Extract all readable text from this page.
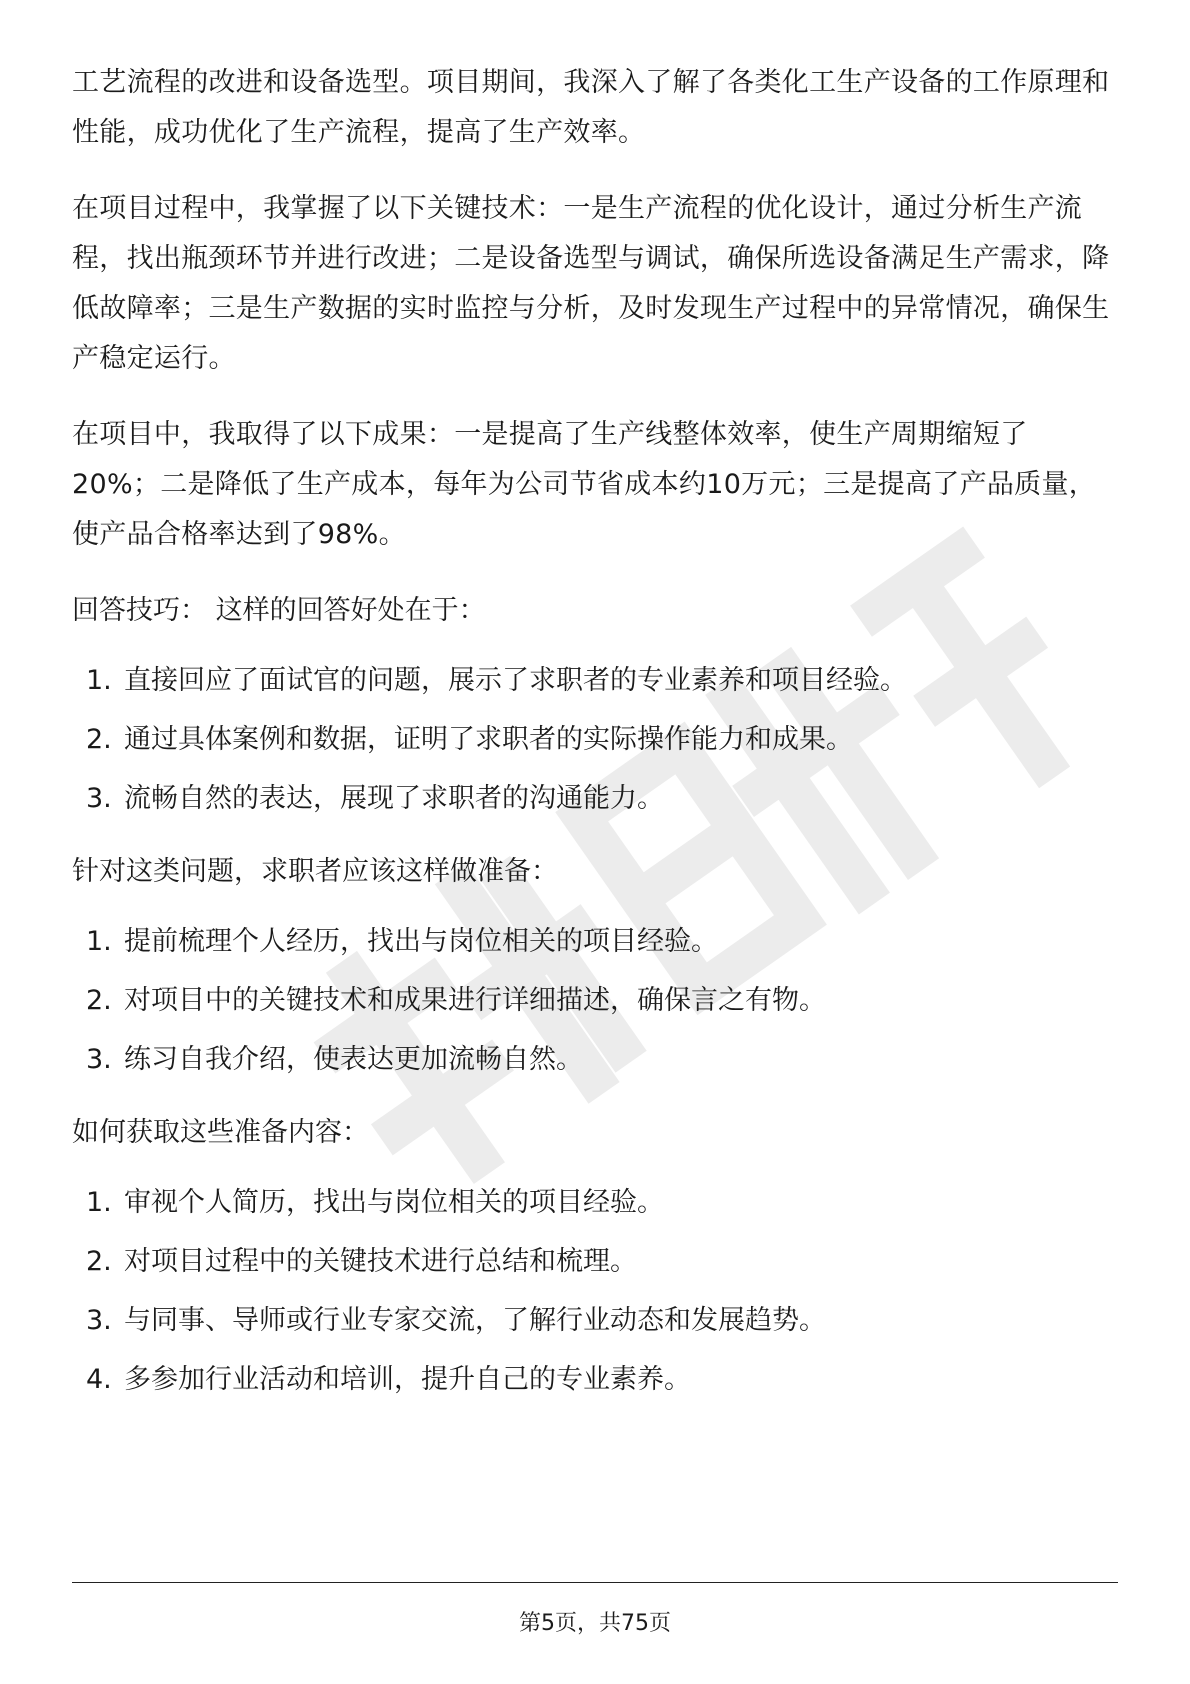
工艺流程的改进和设备选型。项目期间，我深入了解了各类化工生产设备的工作原理和性能，成功优化了生产流程，提高了生产效率。

在项目过程中，我掌握了以下关键技术：一是生产流程的优化设计，通过分析生产流程，找出瓶颈环节并进行改进；二是设备选型与调试，确保所选设备满足生产需求，降低故障率；三是生产数据的实时监控与分析，及时发现生产过程中的异常情况，确保生产稳定运行。

在项目中，我取得了以下成果：一是提高了生产线整体效率，使生产周期缩短了20%；二是降低了生产成本，每年为公司节省成本约10万元；三是提高了产品质量，使产品合格率达到了98%。

回答技巧： 这样的回答好处在于：

1. 直接回应了面试官的问题，展示了求职者的专业素养和项目经验。
2. 通过具体案例和数据，证明了求职者的实际操作能力和成果。
3. 流畅自然的表达，展现了求职者的沟通能力。

针对这类问题，求职者应该这样做准备：

1. 提前梳理个人经历，找出与岗位相关的项目经验。
2. 对项目中的关键技术和成果进行详细描述，确保言之有物。
3. 练习自我介绍，使表达更加流畅自然。

如何获取这些准备内容：

1. 审视个人简历，找出与岗位相关的项目经验。
2. 对项目过程中的关键技术进行总结和梳理。
3. 与同事、导师或行业专家交流，了解行业动态和发展趋势。
4. 多参加行业活动和培训，提升自己的专业素养。
第5页，共75页
